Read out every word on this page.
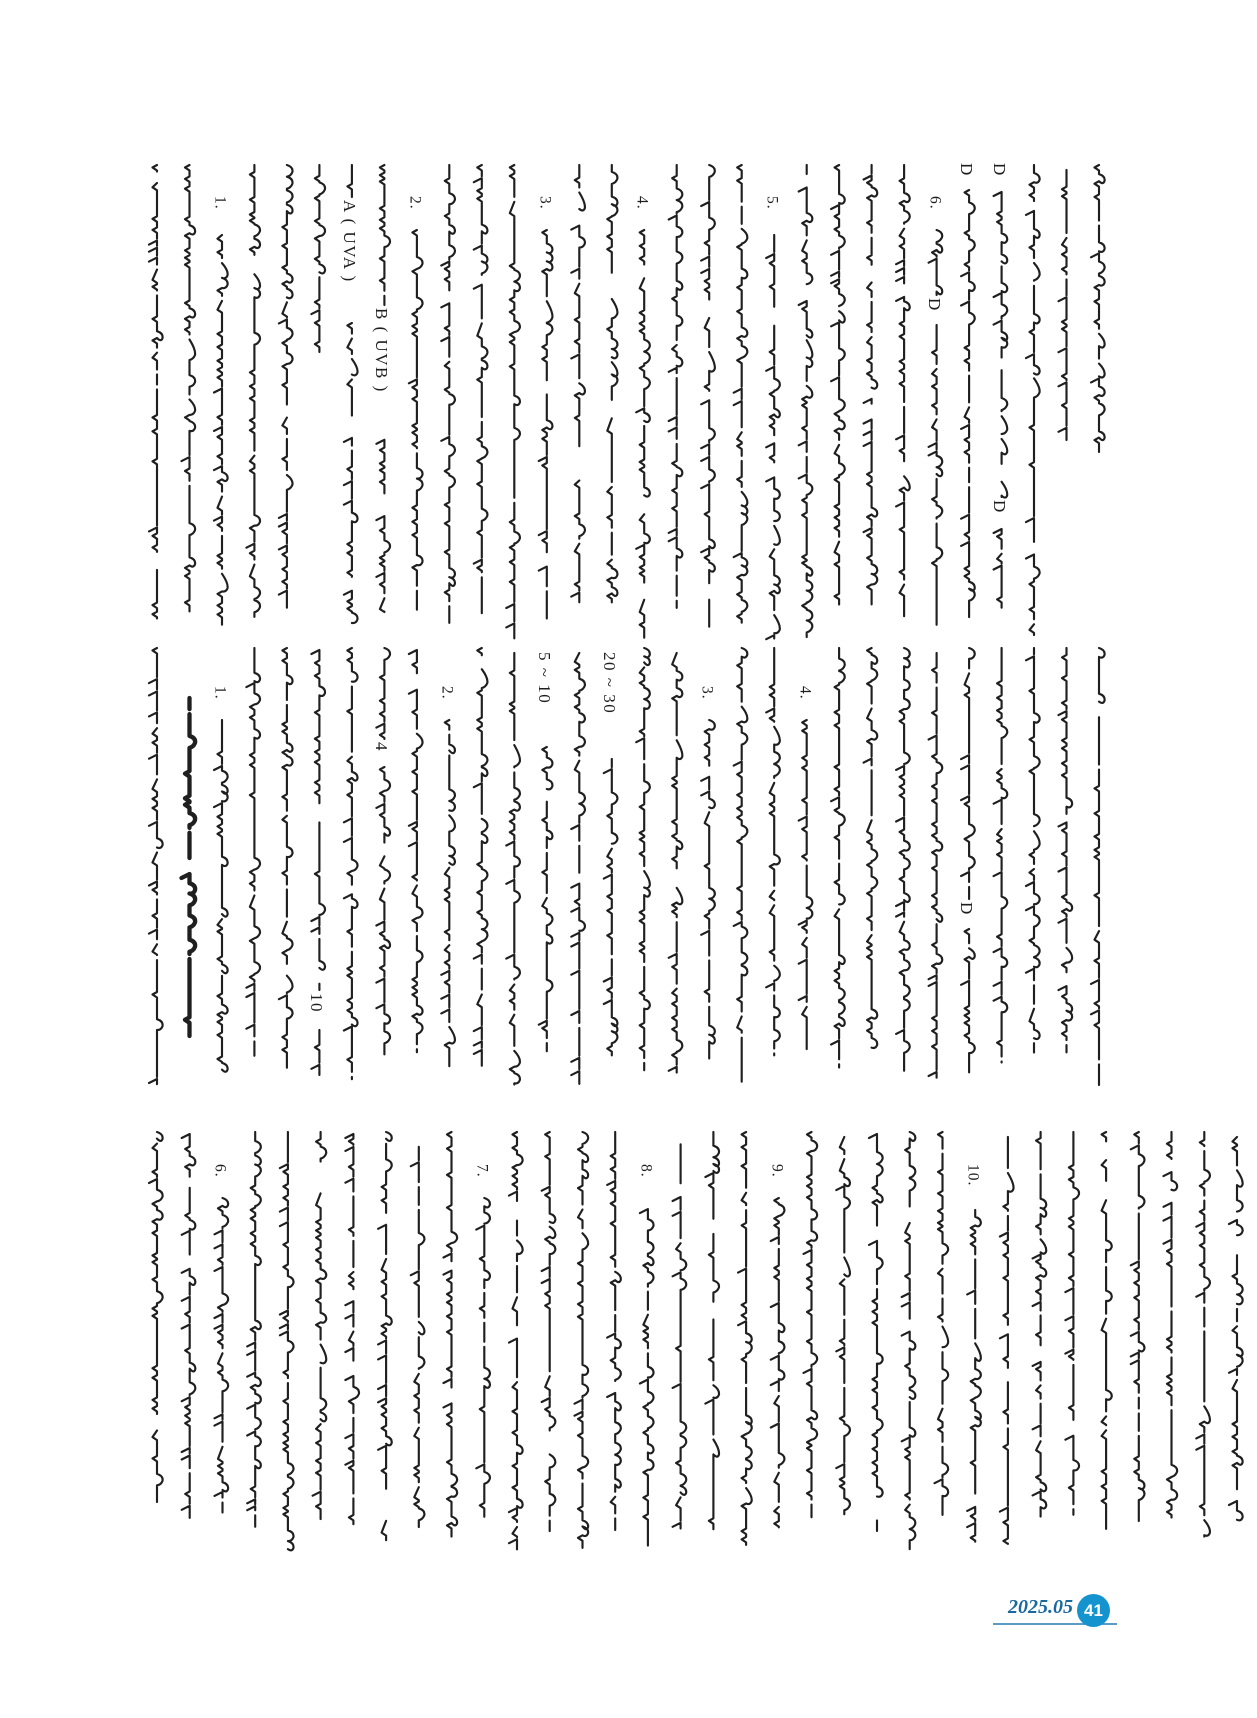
1.	2.	3.	4.	5.	6.
A ( UVA )
B ( UVB )
D
D D
D
1.	2.	3.	4.
5 ~ 10	20 ~ 30
4
10
D
6.	7.	8.	9.	10.
2025.05 41
